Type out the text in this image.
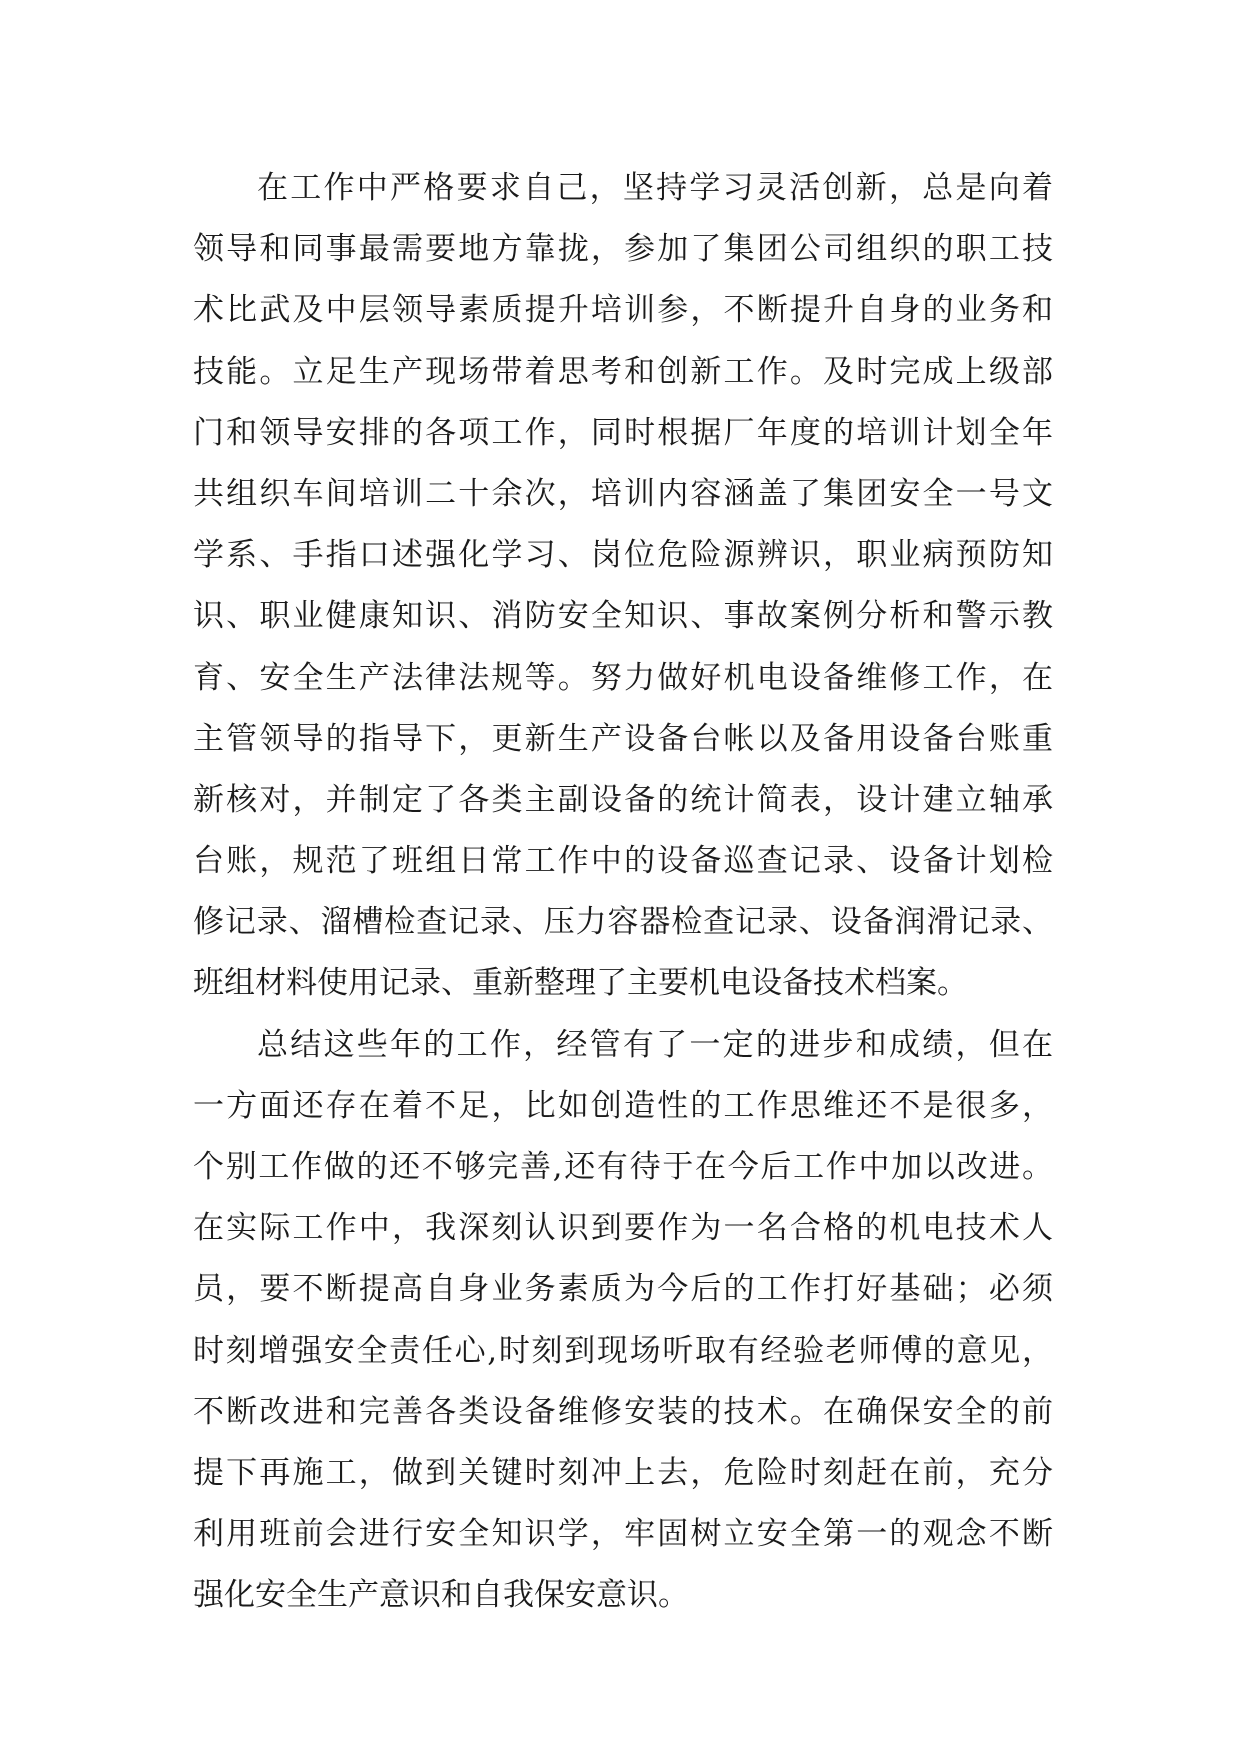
在工作中严格要求自己，坚持学习灵活创新，总是向着
领导和同事最需要地方靠拢，参加了集团公司组织的职工技
术比武及中层领导素质提升培训参，不断提升自身的业务和
技能。立足生产现场带着思考和创新工作。及时完成上级部
门和领导安排的各项工作，同时根据厂年度的培训计划全年
共组织车间培训二十余次，培训内容涵盖了集团安全一号文
学系、手指口述强化学习、岗位危险源辨识，职业病预防知
识、职业健康知识、消防安全知识、事故案例分析和警示教
育、安全生产法律法规等。努力做好机电设备维修工作，在
主管领导的指导下，更新生产设备台帐以及备用设备台账重
新核对，并制定了各类主副设备的统计简表，设计建立轴承
台账，规范了班组日常工作中的设备巡查记录、设备计划检
修记录、溜槽检查记录、压力容器检查记录、设备润滑记录、
班组材料使用记录、重新整理了主要机电设备技术档案。
总结这些年的工作，经管有了一定的进步和成绩，但在
一方面还存在着不足，比如创造性的工作思维还不是很多，
个别工作做的还不够完善,还有待于在今后工作中加以改进。
在实际工作中，我深刻认识到要作为一名合格的机电技术人
员，要不断提高自身业务素质为今后的工作打好基础；必须
时刻增强安全责任心,时刻到现场听取有经验老师傅的意见，
不断改进和完善各类设备维修安装的技术。在确保安全的前
提下再施工，做到关键时刻冲上去，危险时刻赶在前，充分
利用班前会进行安全知识学，牢固树立安全第一的观念不断
强化安全生产意识和自我保安意识。
